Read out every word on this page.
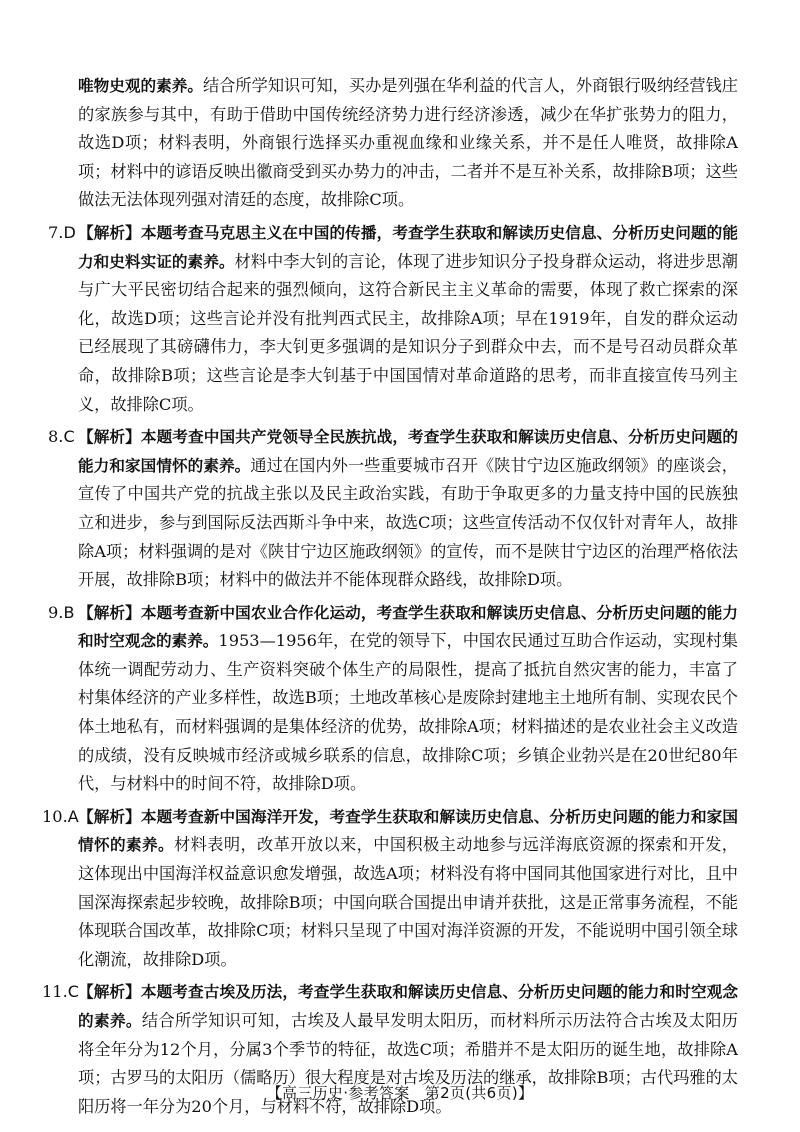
唯物史观的素养。结合所学知识可知，买办是列强在华利益的代言人，外商银行吸纳经营钱庄的家族参与其中，有助于借助中国传统经济势力进行经济渗透，减少在华扩张势力的阻力，故选D项；材料表明，外商银行选择买办重视血缘和业缘关系，并不是任人唯贤，故排除A项；材料中的谚语反映出徽商受到买办势力的冲击，二者并不是互补关系，故排除B项；这些做法无法体现列强对清廷的态度，故排除C项。

7.D 【解析】本题考查马克思主义在中国的传播，考查学生获取和解读历史信息、分析历史问题的能力和史料实证的素养。材料中李大钊的言论，体现了进步知识分子投身群众运动，将进步思潮与广大平民密切结合起来的强烈倾向，这符合新民主主义革命的需要，体现了救亡探索的深化，故选D项；这些言论并没有批判西式民主，故排除A项；早在1919年，自发的群众运动已经展现了其磅礴伟力，李大钊更多强调的是知识分子到群众中去，而不是号召动员群众革命，故排除B项；这些言论是李大钊基于中国国情对革命道路的思考，而非直接宣传马列主义，故排除C项。
8.C 【解析】本题考查中国共产党领导全民族抗战，考查学生获取和解读历史信息、分析历史问题的能力和家国情怀的素养。通过在国内外一些重要城市召开《陕甘宁边区施政纲领》的座谈会，宣传了中国共产党的抗战主张以及民主政治实践，有助于争取更多的力量支持中国的民族独立和进步，参与到国际反法西斯斗争中来，故选C项；这些宣传活动不仅仅针对青年人，故排除A项；材料强调的是对《陕甘宁边区施政纲领》的宣传，而不是陕甘宁边区的治理严格依法开展，故排除B项；材料中的做法并不能体现群众路线，故排除D项。
9.B 【解析】本题考查新中国农业合作化运动，考查学生获取和解读历史信息、分析历史问题的能力和时空观念的素养。1953—1956年，在党的领导下，中国农民通过互助合作运动，实现村集体统一调配劳动力、生产资料突破个体生产的局限性，提高了抵抗自然灾害的能力，丰富了村集体经济的产业多样性，故选B项；土地改革核心是废除封建地主土地所有制、实现农民个体土地私有，而材料强调的是集体经济的优势，故排除A项；材料描述的是农业社会主义改造的成绩，没有反映城市经济或城乡联系的信息，故排除C项；乡镇企业勃兴是在20世纪80年代，与材料中的时间不符，故排除D项。
10.A 【解析】本题考查新中国海洋开发，考查学生获取和解读历史信息、分析历史问题的能力和家国情怀的素养。材料表明，改革开放以来，中国积极主动地参与远洋海底资源的探索和开发，这体现出中国海洋权益意识愈发增强，故选A项；材料没有将中国同其他国家进行对比，且中国深海探索起步较晚，故排除B项；中国向联合国提出申请并获批，这是正常事务流程，不能体现联合国改革，故排除C项；材料只呈现了中国对海洋资源的开发，不能说明中国引领全球化潮流，故排除D项。
11.C 【解析】本题考查古埃及历法，考查学生获取和解读历史信息、分析历史问题的能力和时空观念的素养。结合所学知识可知，古埃及人最早发明太阳历，而材料所示历法符合古埃及太阳历将全年分为12个月，分属3个季节的特征，故选C项；希腊并不是太阳历的诞生地，故排除A项；古罗马的太阳历（儒略历）很大程度是对古埃及历法的继承，故排除B项；古代玛雅的太阳历将一年分为20个月，与材料不符，故排除D项。
【高三历史·参考答案　第2页(共6页)】
